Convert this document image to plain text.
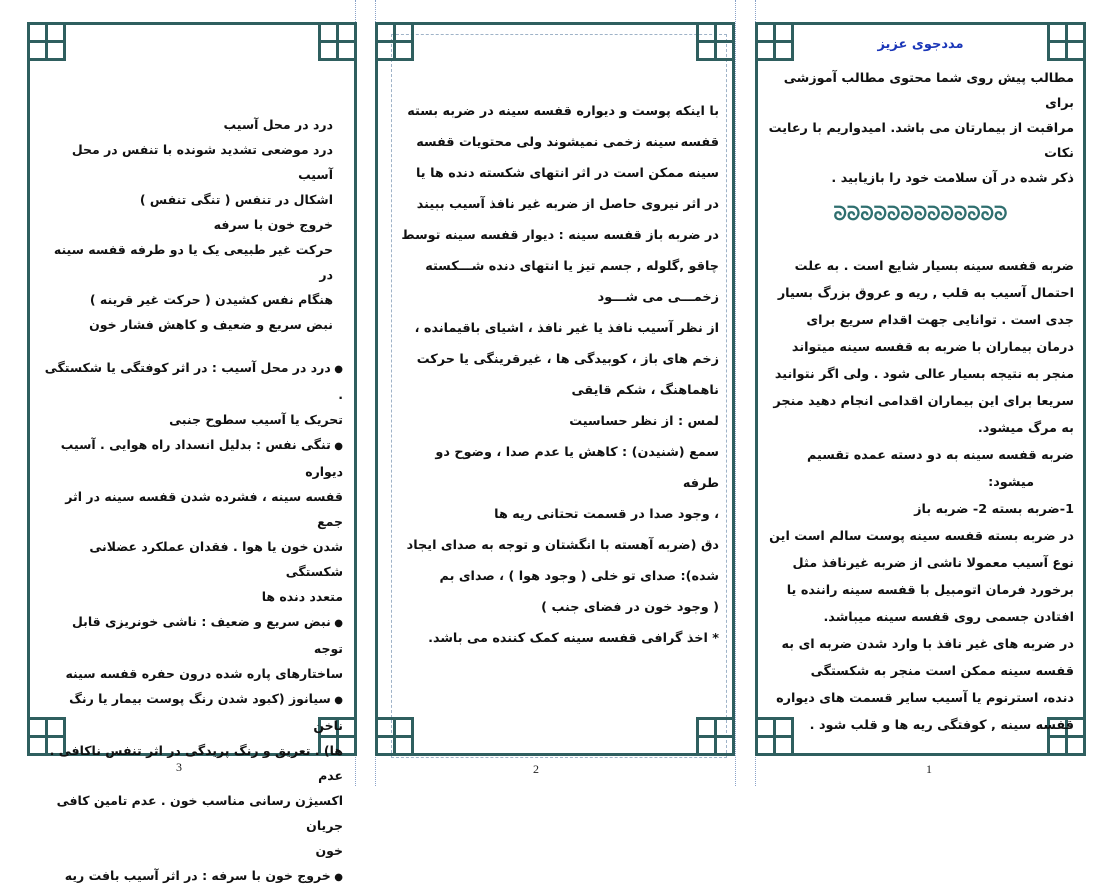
درد در محل آسیب

درد موضعی تشدید شونده با تنفس در محل آسیب

اشکال در تنفس ( تنگی تنفس )

خروج خون با سرفه

حرکت غیر طبیعی یک یا دو طرفه قفسه سینه در

هنگام نفس کشیدن ( حرکت غیر قرینه )

نبض سریع و ضعیف و کاهش فشار خون

● درد در محل آسیب : در اثر کوفتگی یا شکستگی .

تحریک یا آسیب سطوح جنبی

● تنگی نفس : بدلیل انسداد راه هوایی . آسیب دیواره

قفسه سینه ، فشرده شدن قفسه سینه در اثر جمع

شدن خون یا هوا . فقدان عملکرد عضلانی شکستگی

متعدد دنده ها

● نبض سریع و ضعیف : ناشی خونریزی قابل توجه

ساختارهای پاره شده درون حفره قفسه سینه

● سیانوز (کبود شدن رنگ پوست بیمار یا رنگ ناخن

ها) . تعریق و رنگ پریدگی در اثر تنفس ناکافی . عدم

اکسیژن رسانی مناسب خون . عدم تامین کافی جریان

خون

● خروج خون با سرفه : در اثر آسیب بافت ریه

3

با اینکه پوست و دیواره قفسه سینه در ضربه بسته

قفسه سینه زخمی نمیشوند ولی محتویات قفسه

سینه ممکن است در اثر انتهای شکسته دنده ها یا

در اثر نیروی حاصل از ضربه غیر نافذ آسیب ببیند

در ضربه باز قفسه سینه : دیوار قفسه سینه توسط

چاقو ,گلوله , جسم تیز یا انتهای دنده شـــکسته

زخمـــی می شـــود

از نظر آسیب نافذ یا غیر نافذ ، اشیای باقیمانده ،

زخم های باز ، کوبیدگی ها ، غیرقرینگی یا حرکت

ناهماهنگ ، شکم قایقی

لمس : از نظر حساسیت

سمع (شنیدن) : کاهش یا عدم صدا ، وضوح دو طرفه

، وجود صدا در قسمت تحتانی ریه ها

دق (ضربه آهسته با انگشتان و توجه به صدای ایجاد

شده): صدای تو خلی ( وجود هوا ) ، صدای بم

( وجود خون در فضای جنب )

* اخذ گرافی قفسه سینه کمک کننده می باشد.

2

مددجوی عزیز

مطالب پیش روی شما محتوی مطالب آموزشی برای

مراقبت از بیمارتان می باشد. امیدواریم با رعایت نکات

ذکر شده در آن سلامت خود را بازیابید .

ᘐᘐᘐᘐᘐᘐᘐᘐᘐᘐᘐᘐᘐ

ضربه قفسه سینه بسیار شایع است . به علت

احتمال آسیب به قلب , ریه و عروق بزرگ بسیار

جدی است . توانایی جهت اقدام سریع برای

درمان بیماران با ضربه به قفسه سینه میتواند

منجر به نتیجه بسیار عالی شود . ولی اگر نتوانید

سریعا برای این بیماران اقدامی انجام دهید منجر

به مرگ میشود.

ضربه قفسه سینه به دو دسته عمده تقسیم

میشود:

1-ضربه بسته 2- ضربه باز

در ضربه بسته قفسه سینه پوست سالم است این

نوع آسیب معمولا ناشی از ضربه غیرنافذ مثل

برخورد فرمان اتومبیل با قفسه سینه راننده یا

افتادن جسمی روی قفسه سینه میباشد.

در ضربه های غیر نافذ با وارد شدن ضربه ای به

قفسه سینه ممکن است منجر به شکستگی

دنده، استرنوم یا آسیب سایر قسمت های دیواره

قفسه سینه , کوفتگی ریه ها و قلب شود .

1
